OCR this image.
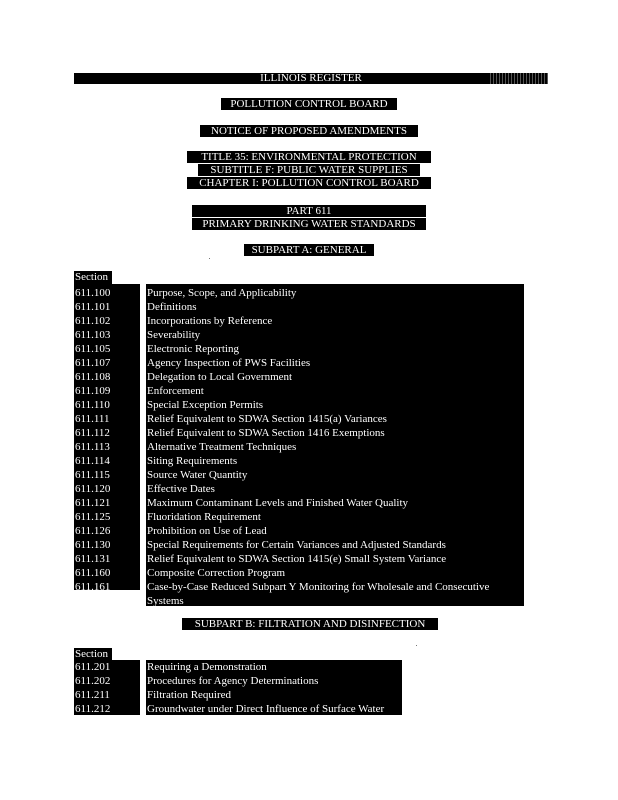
ILLINOIS REGISTER
POLLUTION CONTROL BOARD
NOTICE OF PROPOSED AMENDMENTS
TITLE 35: ENVIRONMENTAL PROTECTION
SUBTITLE F: PUBLIC WATER SUPPLIES
CHAPTER I: POLLUTION CONTROL BOARD
PART 611
PRIMARY DRINKING WATER STANDARDS
SUBPART A: GENERAL
Section
611.100	Purpose, Scope, and Applicability
611.101	Definitions
611.102	Incorporations by Reference
611.103	Severability
611.105	Electronic Reporting
611.107	Agency Inspection of PWS Facilities
611.108	Delegation to Local Government
611.109	Enforcement
611.110	Special Exception Permits
611.111	Relief Equivalent to SDWA Section 1415(a) Variances
611.112	Relief Equivalent to SDWA Section 1416 Exemptions
611.113	Alternative Treatment Techniques
611.114	Siting Requirements
611.115	Source Water Quantity
611.120	Effective Dates
611.121	Maximum Contaminant Levels and Finished Water Quality
611.125	Fluoridation Requirement
611.126	Prohibition on Use of Lead
611.130	Special Requirements for Certain Variances and Adjusted Standards
611.131	Relief Equivalent to SDWA Section 1415(e) Small System Variance
611.160	Composite Correction Program
611.161	Case-by-Case Reduced Subpart Y Monitoring for Wholesale and Consecutive
Systems
SUBPART B: FILTRATION AND DISINFECTION
Section
611.201	Requiring a Demonstration
611.202	Procedures for Agency Determinations
611.211	Filtration Required
611.212	Groundwater under Direct Influence of Surface Water
